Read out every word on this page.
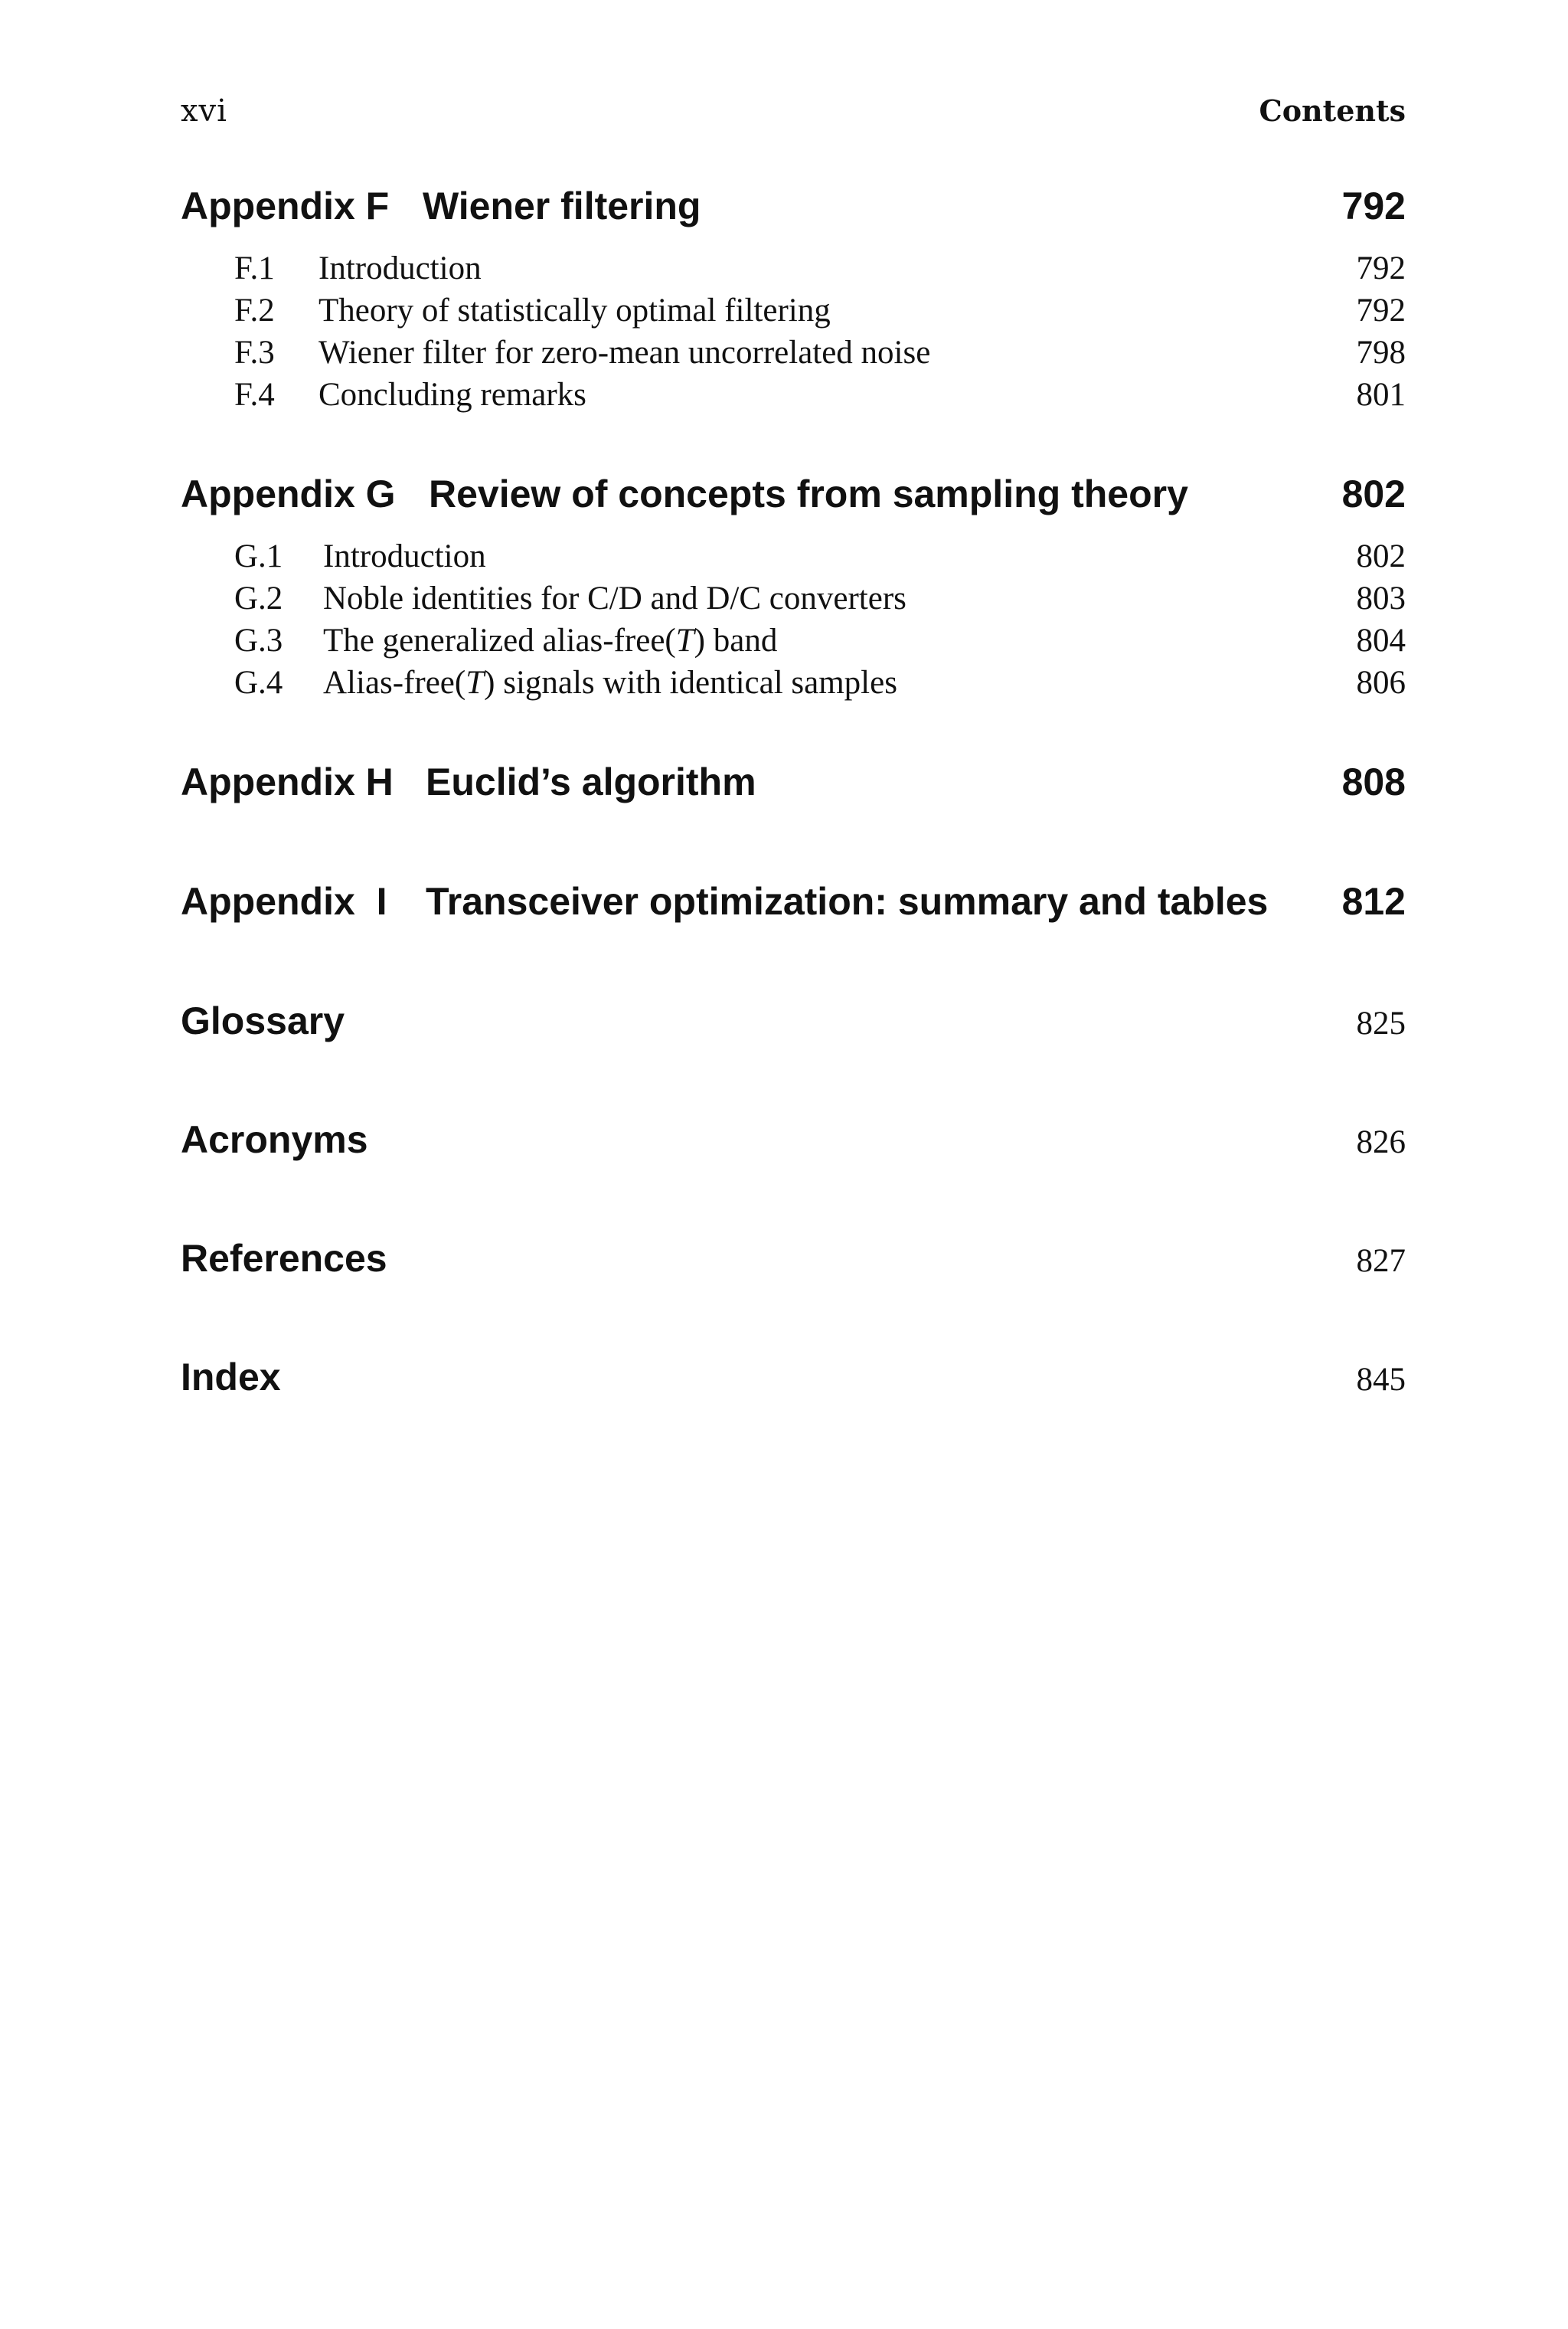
xvi	Contents
Appendix F Wiener filtering	792
F.1	Introduction	792
F.2	Theory of statistically optimal filtering	792
F.3	Wiener filter for zero-mean uncorrelated noise	798
F.4	Concluding remarks	801
Appendix G Review of concepts from sampling theory	802
G.1	Introduction	802
G.2	Noble identities for C/D and D/C converters	803
G.3	The generalized alias-free(T) band	804
G.4	Alias-free(T) signals with identical samples	806
Appendix H Euclid’s algorithm	808
Appendix  I	Transceiver optimization: summary and tables	812
Glossary	825
Acronyms	826
References	827
Index	845
